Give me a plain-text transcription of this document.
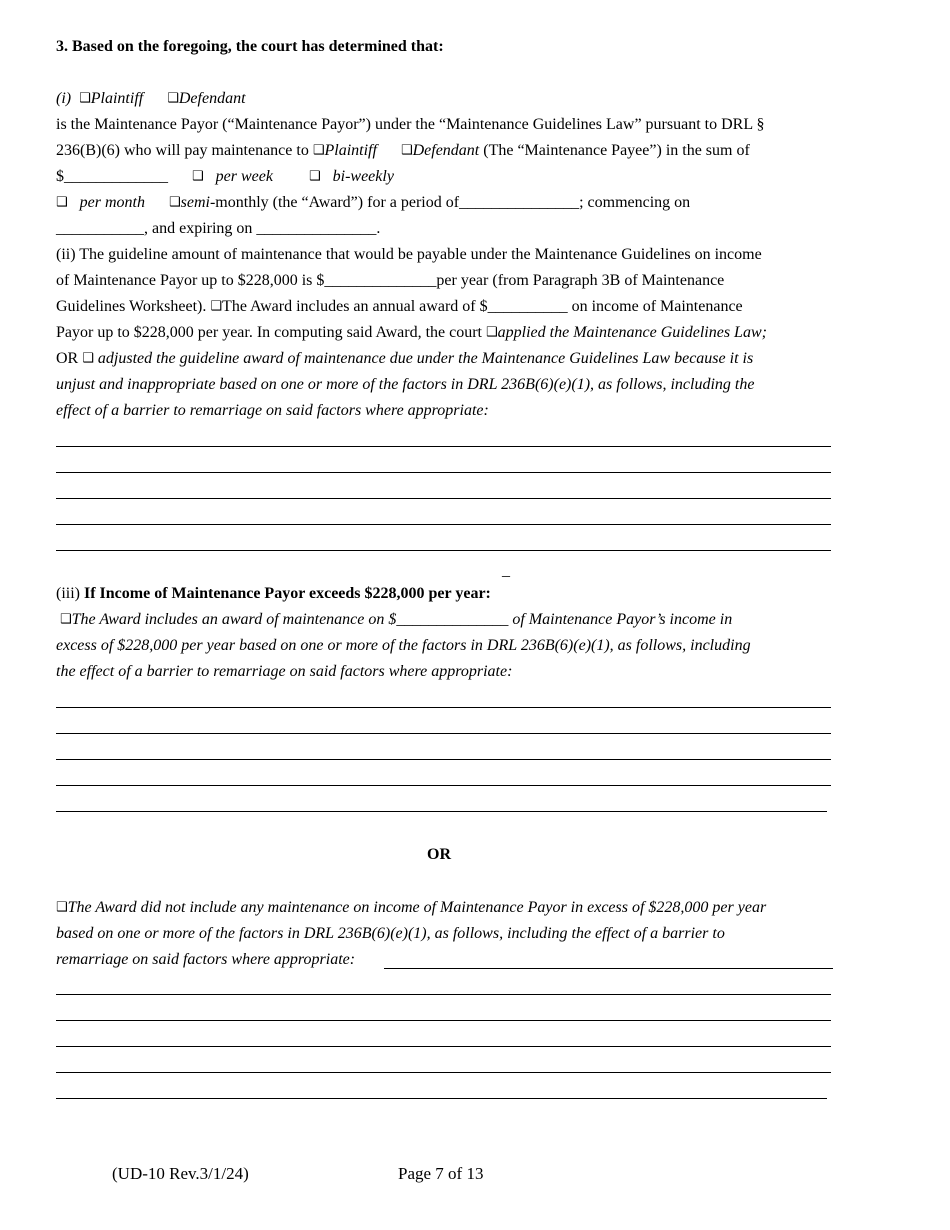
3. Based on the foregoing, the court has determined that:
(i) ❑Plaintiff ❑Defendant
is the Maintenance Payor (“Maintenance Payor”) under the “Maintenance Guidelines Law” pursuant to DRL §
236(B)(6) who will pay maintenance to ❑Plaintiff ❑Defendant (The “Maintenance Payee”) in the sum of
$_____________ ❑ per week	❑ bi-weekly
❑ per month ❑semi-monthly (the “Award”) for a period of_______________; commencing on
___________, and expiring on _______________.
(ii) The guideline amount of maintenance that would be payable under the Maintenance Guidelines on income
of Maintenance Payor up to $228,000 is $______________per year (from Paragraph 3B of Maintenance
Guidelines Worksheet). ❑The Award includes an annual award of $__________ on income of Maintenance
Payor up to $228,000 per year. In computing said Award, the court ❑applied the Maintenance Guidelines Law;
OR ❑ adjusted the guideline award of maintenance due under the Maintenance Guidelines Law because it is
unjust and inappropriate based on one or more of the factors in DRL 236B(6)(e)(1), as follows, including the
effect of a barrier to remarriage on said factors where appropriate:
_
(iii) If Income of Maintenance Payor exceeds $228,000 per year:
❑The Award includes an award of maintenance on $______________ of Maintenance Payor’s income in
excess of $228,000 per year based on one or more of the factors in DRL 236B(6)(e)(1), as follows, including
the effect of a barrier to remarriage on said factors where appropriate:
OR
❑The Award did not include any maintenance on income of Maintenance Payor in excess of $228,000 per year
based on one or more of the factors in DRL 236B(6)(e)(1), as follows, including the effect of a barrier to
remarriage on said factors where appropriate:
(UD-10 Rev.3/1/24)	Page 7 of 13
